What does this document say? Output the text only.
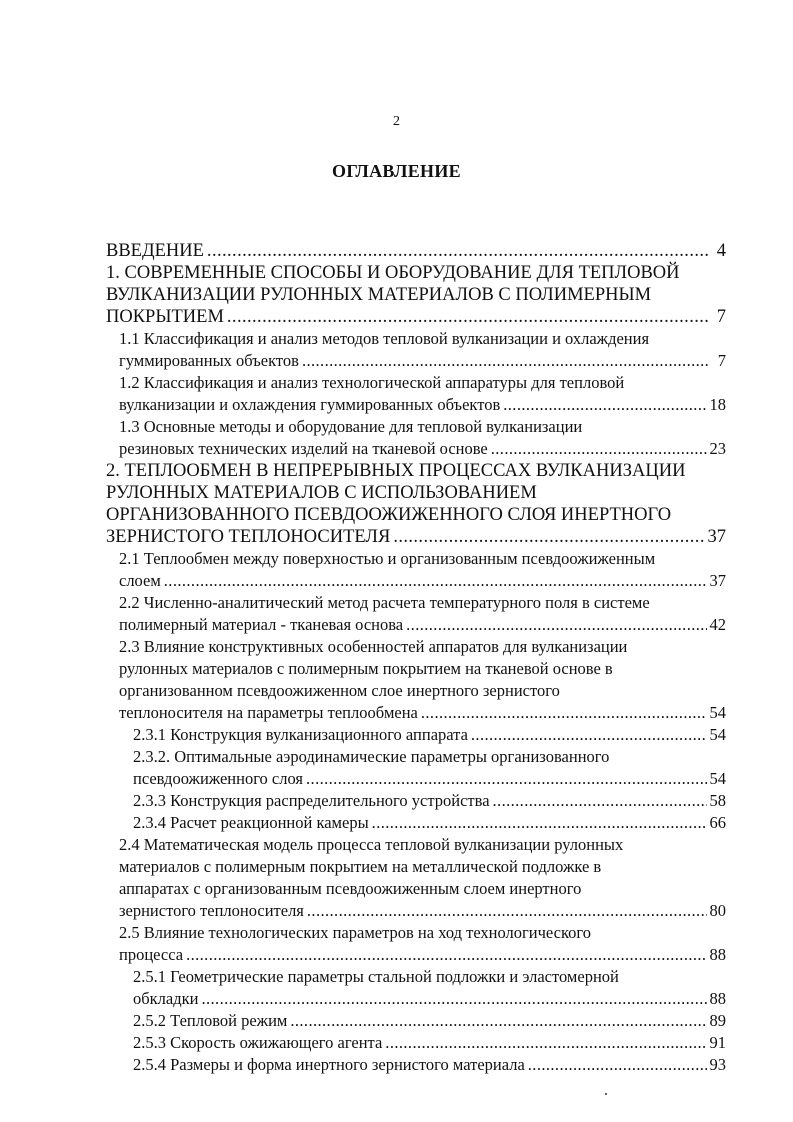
2
ОГЛАВЛЕНИЕ
ВВЕДЕНИЕ .....	4
1. СОВРЕМЕННЫЕ СПОСОБЫ И ОБОРУДОВАНИЕ ДЛЯ ТЕПЛОВОЙ
ВУЛКАНИЗАЦИИ РУЛОННЫХ МАТЕРИАЛОВ С ПОЛИМЕРНЫМ
ПОКРЫТИЕМ .....	7
1.1 Классификация и анализ методов тепловой вулканизации и охлаждения
гуммированных объектов .....	7
1.2 Классификация и анализ технологической аппаратуры для тепловой
вулканизации и охлаждения гуммированных объектов .....	18
1.3 Основные методы и оборудование для тепловой вулканизации
резиновых технических изделий на тканевой основе .....	23
2. ТЕПЛООБМЕН В НЕПРЕРЫВНЫХ ПРОЦЕССАХ ВУЛКАНИЗАЦИИ
РУЛОННЫХ МАТЕРИАЛОВ С ИСПОЛЬЗОВАНИЕМ
ОРГАНИЗОВАННОГО ПСЕВДООЖИЖЕННОГО СЛОЯ ИНЕРТНОГО
ЗЕРНИСТОГО ТЕПЛОНОСИТЕЛЯ .....	37
2.1 Теплообмен между поверхностью и организованным псевдоожиженным
слоем .....	37
2.2 Численно-аналитический метод расчета температурного поля в системе
полимерный материал - тканевая основа .....	42
2.3 Влияние конструктивных особенностей аппаратов для вулканизации
рулонных материалов с полимерным покрытием на тканевой основе в
организованном псевдоожиженном слое инертного зернистого
теплоносителя на параметры теплообмена .....	54
2.3.1 Конструкция вулканизационного аппарата .....	54
2.3.2. Оптимальные аэродинамические параметры организованного
псевдоожиженного слоя .....	54
2.3.3 Конструкция распределительного устройства .....	58
2.3.4 Расчет реакционной камеры .....	66
2.4 Математическая модель процесса тепловой вулканизации рулонных
материалов с полимерным покрытием на металлической подложке в
аппаратах с организованным псевдоожиженным слоем инертного
зернистого теплоносителя .....	80
2.5 Влияние технологических параметров на ход технологического
процесса .....	88
2.5.1 Геометрические параметры стальной подложки и эластомерной
обкладки .....	88
2.5.2 Тепловой режим .....	89
2.5.3 Скорость ожижающего агента .....	91
2.5.4 Размеры и форма инертного зернистого материала .....	93
